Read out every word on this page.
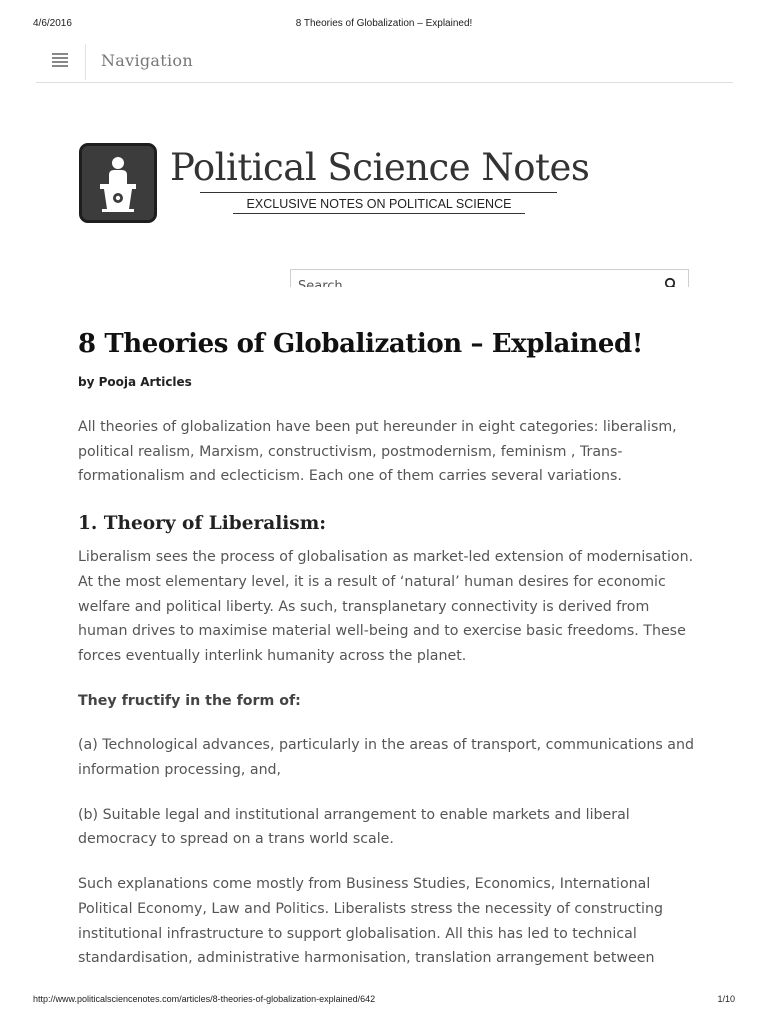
4/6/2016	8 Theories of Globalization – Explained!
Navigation
Political Science Notes
EXCLUSIVE NOTES ON POLITICAL SCIENCE
Search
8 Theories of Globalization – Explained!
by Pooja Articles

All theories of globalization have been put hereunder in eight categories: liberalism, political realism, Marxism, constructivism, postmodernism, feminism , Trans-formationalism and eclecticism. Each one of them carries several variations.

1. Theory of Liberalism:

Liberalism sees the process of globalisation as market-led extension of modernisation. At the most elementary level, it is a result of ‘natural’ human desires for economic welfare and political liberty. As such, transplanetary connectivity is derived from human drives to maximise material well-being and to exercise basic freedoms. These forces eventually interlink humanity across the planet.

They fructify in the form of:

(a) Technological advances, particularly in the areas of transport, communications and information processing, and,

(b) Suitable legal and institutional arrangement to enable markets and liberal democracy to spread on a trans world scale.

Such explanations come mostly from Business Studies, Economics, International Political Economy, Law and Politics. Liberalists stress the necessity of constructing institutional infrastructure to support globalisation. All this has led to technical standardisation, administrative harmonisation, translation arrangement between

http://www.politicalsciencenotes.com/articles/8-theories-of-globalization-explained/642	1/10
